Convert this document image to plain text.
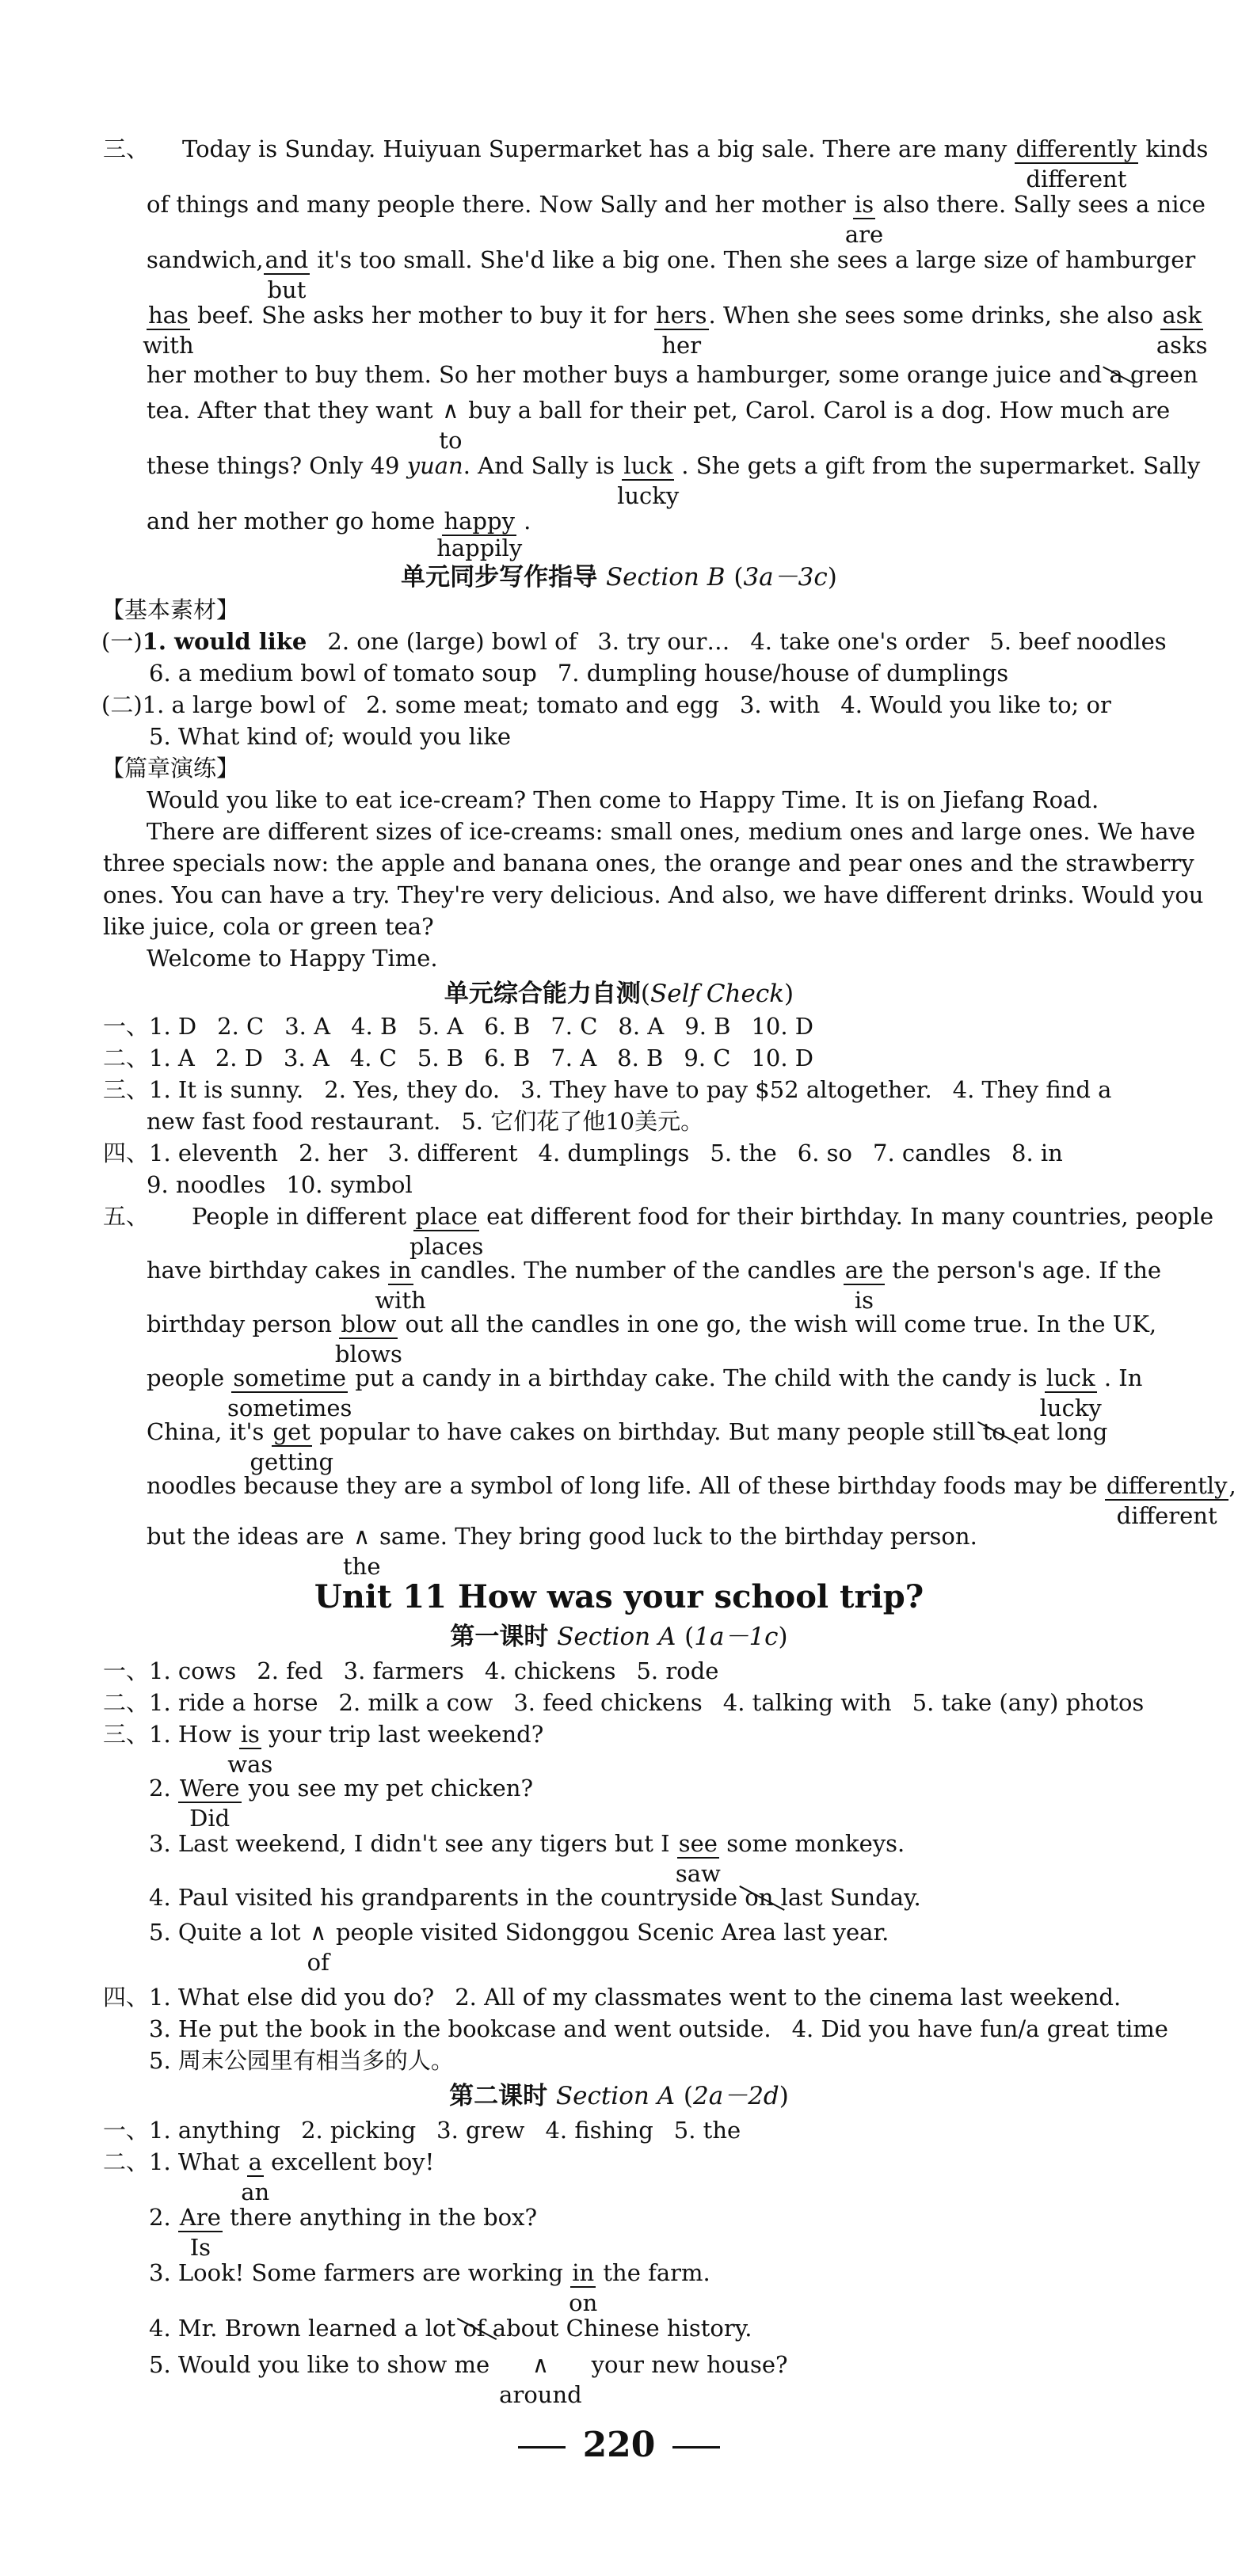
三、 Today is Sunday. Huiyuan Supermarket has a big sale. There are many differently
different
kinds
of things and many people there. Now Sally and her mother is
are
also there. Sally sees a nice
sandwich,and
but
it's too small. She'd like a big one. Then she sees a large size of hamburger
has
with
beef. She asks her mother to buy it for hers
her
. When she sees some drinks, she also ask
asks
her mother to buy them. So her mother buys a hamburger, some orange juice and a green
tea. After that they want ∧
to
buy a ball for their pet, Carol. Carol is a dog. How much are
these things? Only 49 yuan. And Sally is luck
lucky
. She gets a gift from the supermarket. Sally
and her mother go home happy
happily
.
单元同步写作指导 Section B (3a－3c)
【基本素材】
(一)1. would like 2. one (large) bowl of 3. try our… 4. take one's order 5. beef noodles
6. a medium bowl of tomato soup 7. dumpling house/house of dumplings
(二)1. a large bowl of 2. some meat; tomato and egg 3. with 4. Would you like to; or
5. What kind of; would you like
【篇章演练】
Would you like to eat ice-cream? Then come to Happy Time. It is on Jiefang Road.
There are different sizes of ice-creams: small ones, medium ones and large ones. We have
three specials now: the apple and banana ones, the orange and pear ones and the strawberry
ones. You can have a try. They're very delicious. And also, we have different drinks. Would you
like juice, cola or green tea?
Welcome to Happy Time.
单元综合能力自测(Self Check)
一、1. D 2. C 3. A 4. B 5. A 6. B 7. C 8. A 9. B 10. D
二、1. A 2. D 3. A 4. C 5. B 6. B 7. A 8. B 9. C 10. D
三、1. It is sunny. 2. Yes, they do. 3. They have to pay $52 altogether. 4. They find a
new fast food restaurant. 5. 它们花了他10美元。
四、1. eleventh 2. her 3. different 4. dumplings 5. the 6. so 7. candles 8. in
9. noodles 10. symbol
五、 People in different place
places
eat different food for their birthday. In many countries, people
have birthday cakes in
with
candles. The number of the candles are
is
the person's age. If the
birthday person blow
blows
out all the candles in one go, the wish will come true. In the UK,
people sometime
sometimes
put a candy in a birthday cake. The child with the candy is luck
lucky
. In
China, it's get
getting
popular to have cakes on birthday. But many people still to eat long
noodles because they are a symbol of long life. All of these birthday foods may be differently
different
,
but the ideas are ∧
the
same. They bring good luck to the birthday person.
Unit 11 How was your school trip?
第一课时 Section A (1a－1c)
一、1. cows 2. fed 3. farmers 4. chickens 5. rode
二、1. ride a horse 2. milk a cow 3. feed chickens 4. talking with 5. take (any) photos
三、1. How is
was
your trip last weekend?
2. Were
Did
you see my pet chicken?
3. Last weekend, I didn't see any tigers but I see
saw
some monkeys.
4. Paul visited his grandparents in the countryside on last Sunday.
5. Quite a lot ∧
of
people visited Sidonggou Scenic Area last year.
四、1. What else did you do? 2. All of my classmates went to the cinema last weekend.
3. He put the book in the bookcase and went outside. 4. Did you have fun/a great time
5. 周末公园里有相当多的人。
第二课时 Section A (2a－2d)
一、1. anything 2. picking 3. grew 4. fishing 5. the
二、1. What $\frac{a}{an}$ excellent boy!
2. Are
Is
there anything in the box?
3. Look! Some farmers are working $\frac{in}{on}$ the farm.
4. Mr. Brown learned a lot of about Chinese history.
5. Would you like to show me ∧
around
your new house?
220
